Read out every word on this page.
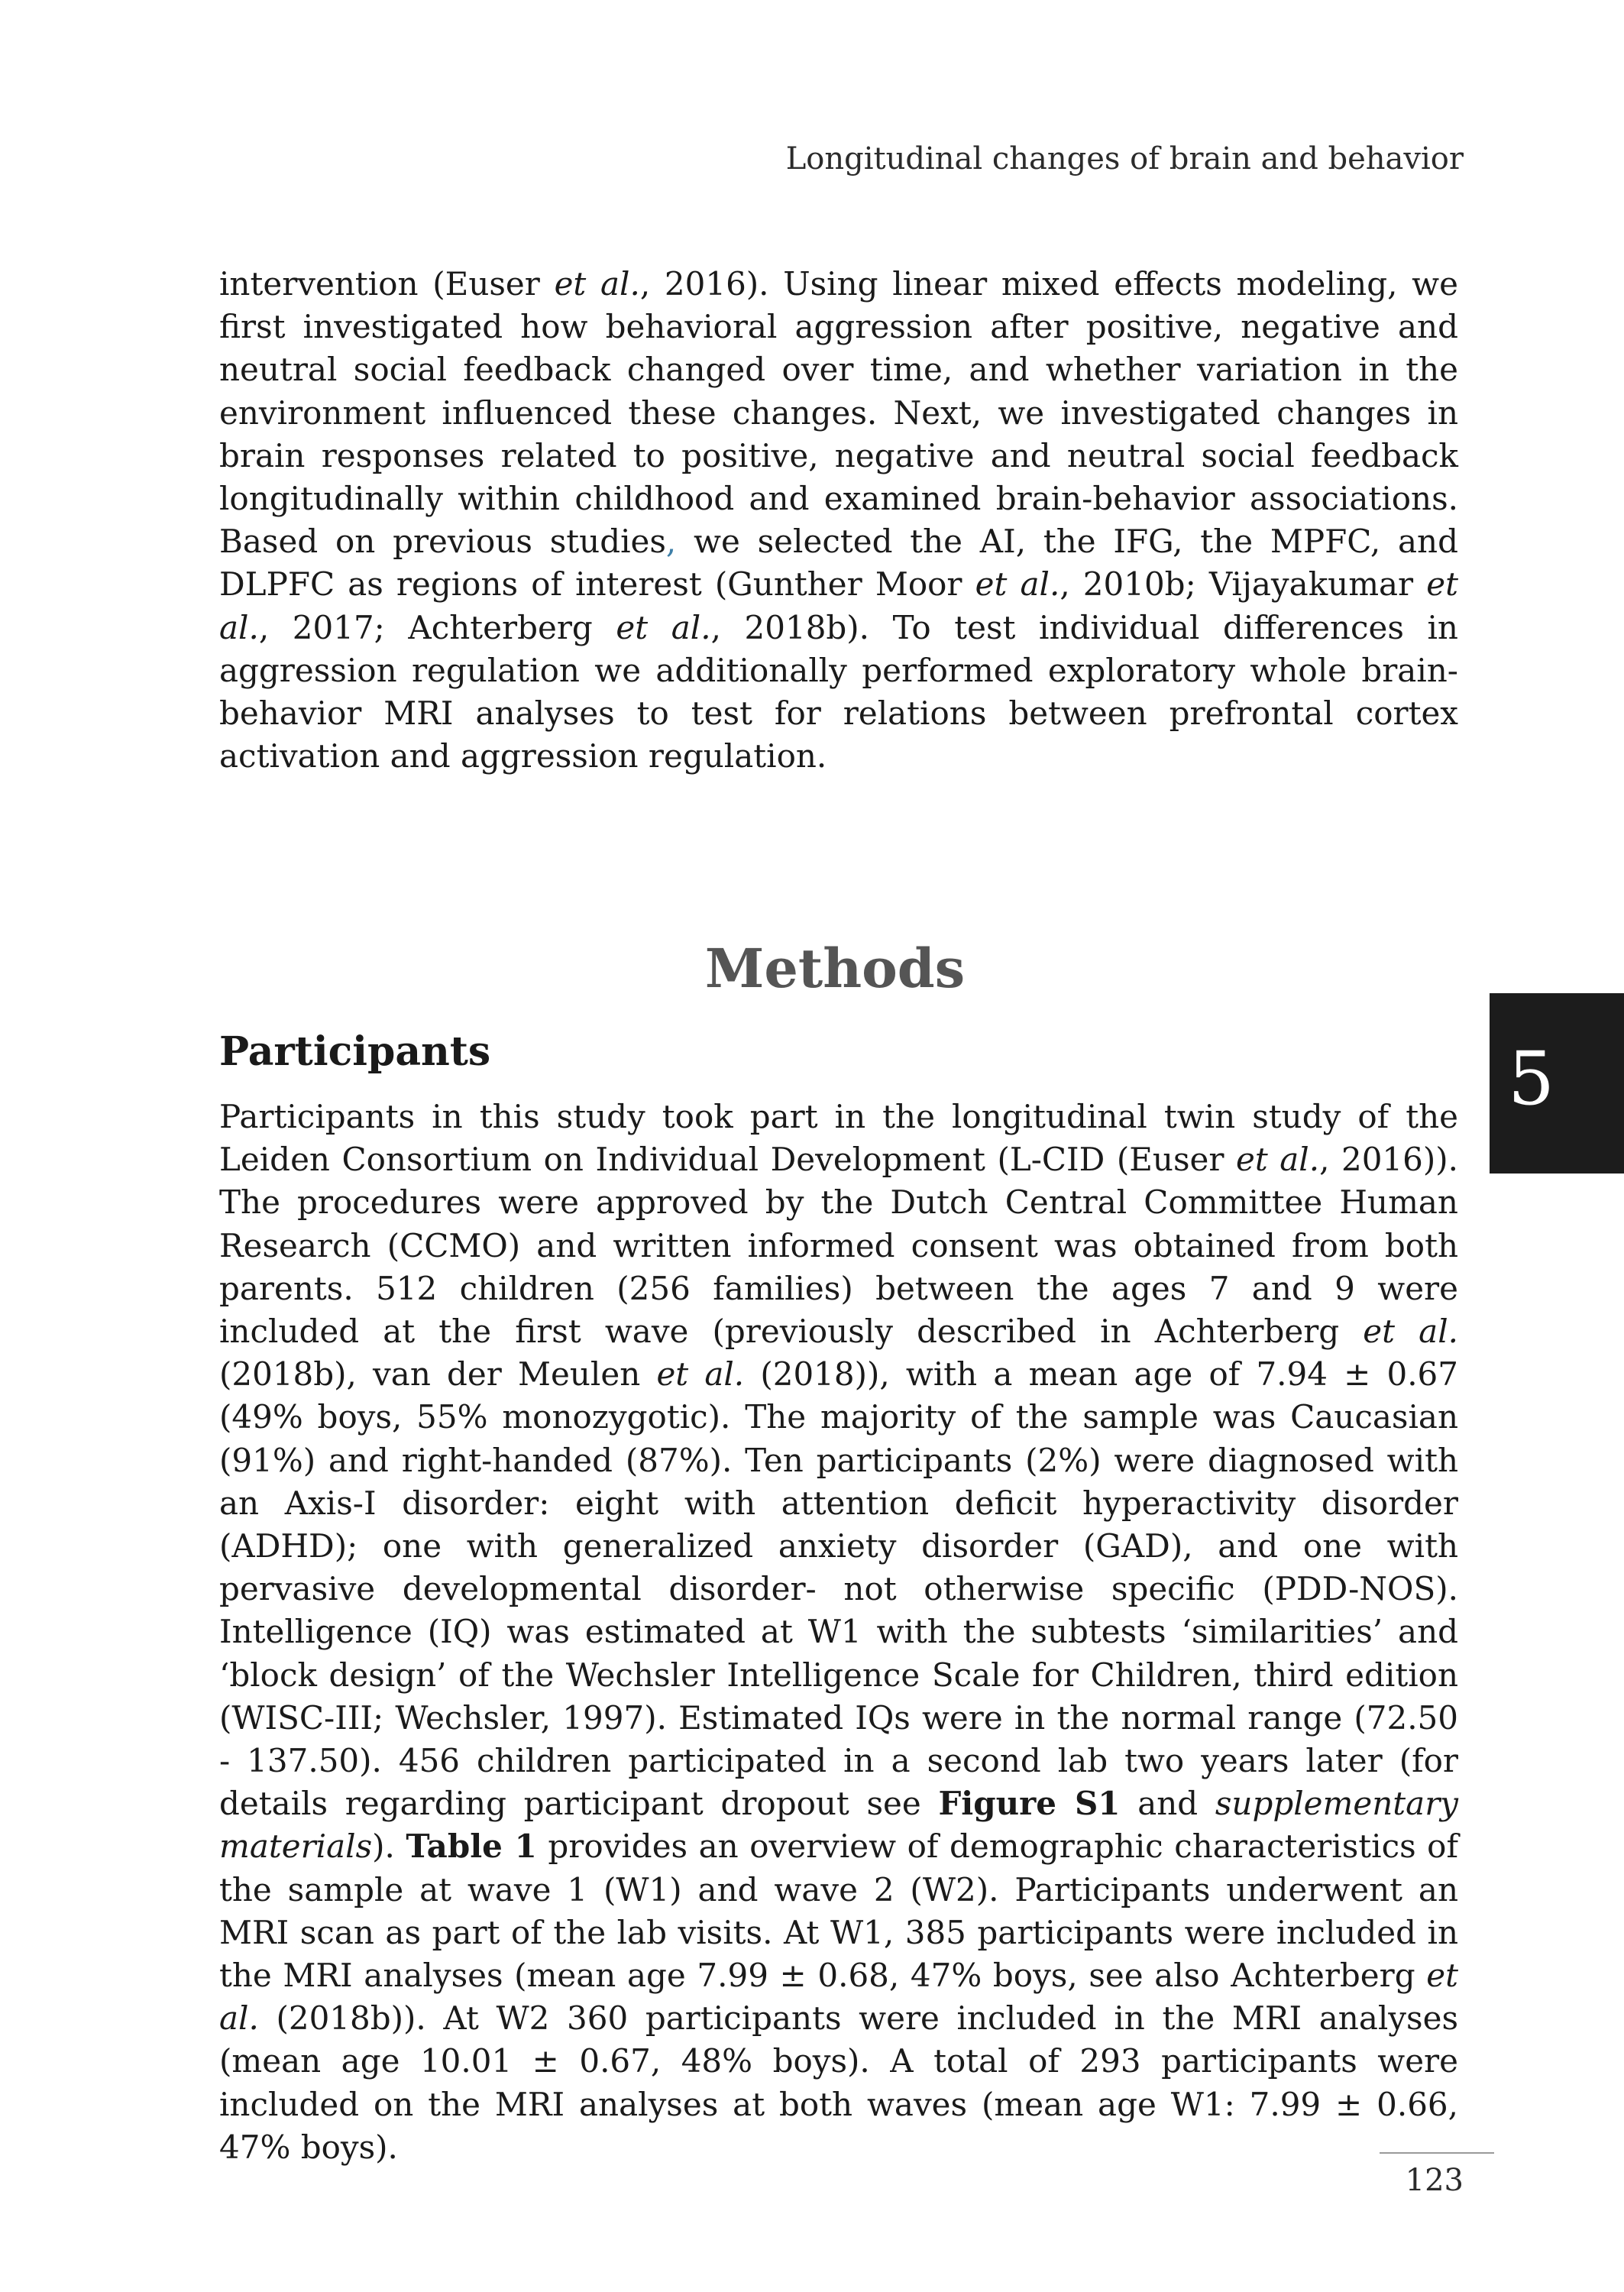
Longitudinal changes of brain and behavior

intervention (Euser et al., 2016). Using linear mixed effects modeling, we first investigated how behavioral aggression after positive, negative and neutral social feedback changed over time, and whether variation in the environment influenced these changes. Next, we investigated changes in brain responses related to positive, negative and neutral social feedback longitudinally within childhood and examined brain-behavior associations. Based on previous studies, we selected the AI, the IFG, the MPFC, and DLPFC as regions of interest (Gunther Moor et al., 2010b; Vijayakumar et al., 2017; Achterberg et al., 2018b). To test individual differences in aggression regulation we additionally performed exploratory whole brain-behavior MRI analyses to test for relations between prefrontal cortex activation and aggression regulation.

Methods
5
Participants

Participants in this study took part in the longitudinal twin study of the Leiden Consortium on Individual Development (L-CID (Euser et al., 2016)). The procedures were approved by the Dutch Central Committee Human Research (CCMO) and written informed consent was obtained from both parents. 512 children (256 families) between the ages 7 and 9 were included at the first wave (previously described in Achterberg et al. (2018b), van der Meulen et al. (2018)), with a mean age of 7.94 ± 0.67 (49% boys, 55% monozygotic). The majority of the sample was Caucasian (91%) and right-handed (87%). Ten participants (2%) were diagnosed with an Axis-I disorder: eight with attention deficit hyperactivity disorder (ADHD); one with generalized anxiety disorder (GAD), and one with pervasive developmental disorder- not otherwise specific (PDD-NOS). Intelligence (IQ) was estimated at W1 with the subtests ‘similarities’ and ‘block design’ of the Wechsler Intelligence Scale for Children, third edition (WISC-III; Wechsler, 1997). Estimated IQs were in the normal range (72.50 - 137.50). 456 children participated in a second lab two years later (for details regarding participant dropout see Figure S1 and supplementary materials). Table 1 provides an overview of demographic characteristics of the sample at wave 1 (W1) and wave 2 (W2). Participants underwent an MRI scan as part of the lab visits. At W1, 385 participants were included in the MRI analyses (mean age 7.99 ± 0.68, 47% boys, see also Achterberg et al. (2018b)). At W2 360 participants were included in the MRI analyses (mean age 10.01 ± 0.67, 48% boys). A total of 293 participants were included on the MRI analyses at both waves (mean age W1: 7.99 ± 0.66, 47% boys).

123
